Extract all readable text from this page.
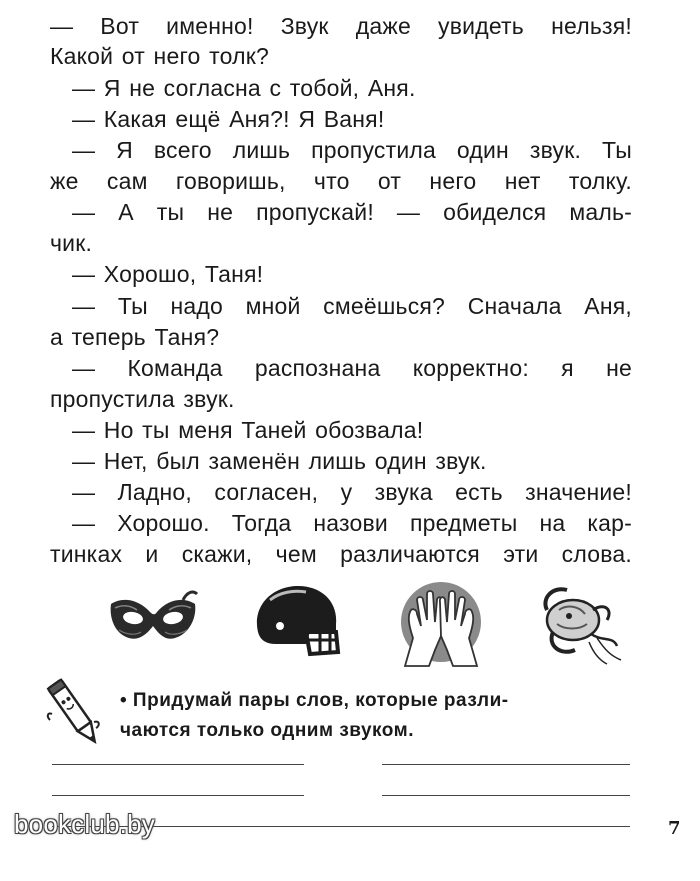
— Вот именно! Звук даже увидеть нельзя!
Какой от него толк?
— Я не согласна с тобой, Аня.
— Какая ещё Аня?! Я Ваня!
— Я всего лишь пропустила один звук. Ты
же сам говоришь, что от него нет толку.
— А ты не пропускай! — обиделся маль-
чик.
— Хорошо, Таня!
— Ты надо мной смеёшься? Сначала Аня,
а теперь Таня?
— Команда распознана корректно: я не
пропустила звук.
— Но ты меня Таней обозвала!
— Нет, был заменён лишь один звук.
— Ладно, согласен, у звука есть значение!
— Хорошо. Тогда назови предметы на кар-
тинках и скажи, чем различаются эти слова.
• Придумай пары слов, которые разли-
чаются только одним звуком.
7
bookclub.by
